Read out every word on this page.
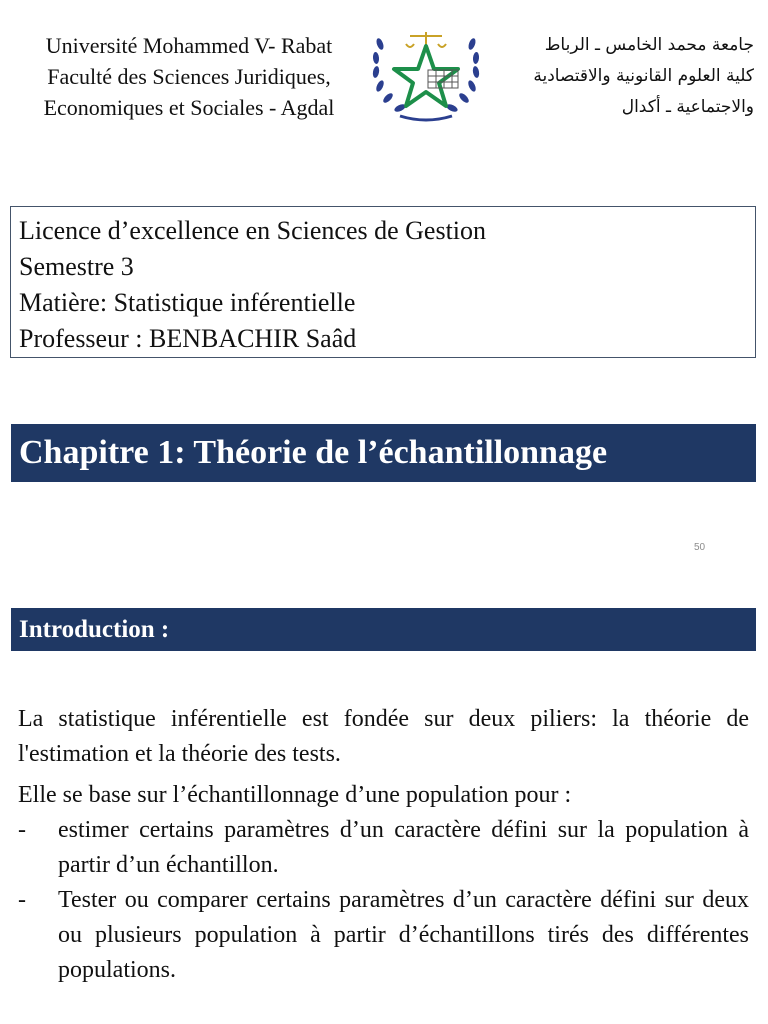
Université Mohammed V- Rabat
Faculté des Sciences Juridiques,
Economiques et Sociales - Agdal
جامعة محمد الخامس ـ الرباط
كلية العلوم القانونية والاقتصادية
والاجتماعية ـ أكدال
Licence d’excellence en Sciences de Gestion
Semestre 3
Matière: Statistique inférentielle
Professeur : BENBACHIR Saâd
Chapitre 1: Théorie de l’échantillonnage
50
Introduction :

La statistique inférentielle est fondée sur deux piliers: la théorie de l'estimation et la théorie des tests.

Elle se base sur l’échantillonnage d’une population pour :

- estimer certains paramètres d’un caractère défini sur la population à partir d’un échantillon.
- Tester ou comparer certains paramètres d’un caractère défini sur deux ou plusieurs population à partir d’échantillons tirés des différentes populations.
